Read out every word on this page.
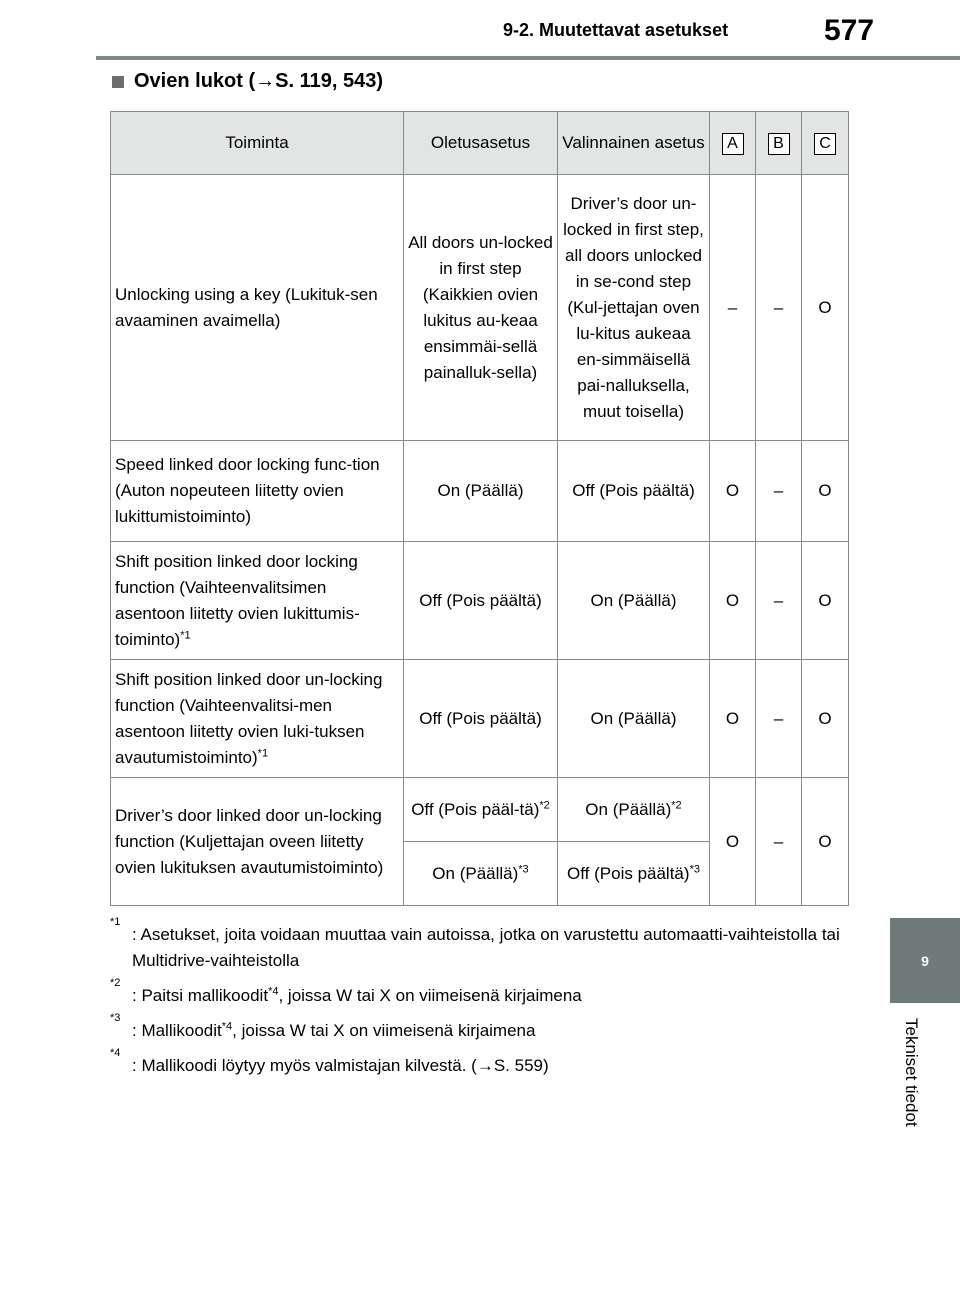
9-2. Muutettavat asetukset	577
9
Tekniset tiedot
Ovien lukot ( → S. 119, 543)
Toiminta	Oletusasetus	Valinnainen asetus	A	B	C
Unlocking using a key (Lukituk-sen avaaminen avaimella)	All doors un-locked in first step (Kaikkien ovien lukitus au-keaa ensimmäi-sellä painalluk-sella)	Driver’s door un-locked in first step, all doors unlocked in se-cond step (Kul-jettajan oven lu-kitus aukeaa en-simmäisellä pai-nalluksella, muut toisella)	–	–	O
Speed linked door locking func-tion (Auton nopeuteen liitetty ovien lukittumistoiminto)	On (Päällä)	Off (Pois päältä)	O	–	O
Shift position linked door locking function (Vaihteenvalitsimen asentoon liitetty ovien lukittumis-toiminto)$^{*1}$	Off (Pois päältä)	On (Päällä)	O	–	O
Shift position linked door un-locking function (Vaihteenvalitsi-men asentoon liitetty ovien luki-tuksen avautumistoiminto)$^{*1}$	Off (Pois päältä)	On (Päällä)	O	–	O
Driver’s door linked door un-locking function (Kuljettajan oveen liitetty ovien lukituksen avautumistoiminto)	Off (Pois pääl-tä)$^{*2}$	On (Päällä)$^{*2}$	O	–	O
	On (Päällä)$^{*3}$	Off (Pois päältä)$^{*3}$
*1
: Asetukset, joita voidaan muuttaa vain autoissa, jotka on varustettu automaatti-vaihteistolla tai Multidrive-vaihteistolla
*2
: Paitsi mallikoodit$^{*4}$, joissa W tai X on viimeisenä kirjaimena
*3
: Mallikoodit$^{*4}$, joissa W tai X on viimeisenä kirjaimena
*4
: Mallikoodi löytyy myös valmistajan kilvestä. (→S. 559)
